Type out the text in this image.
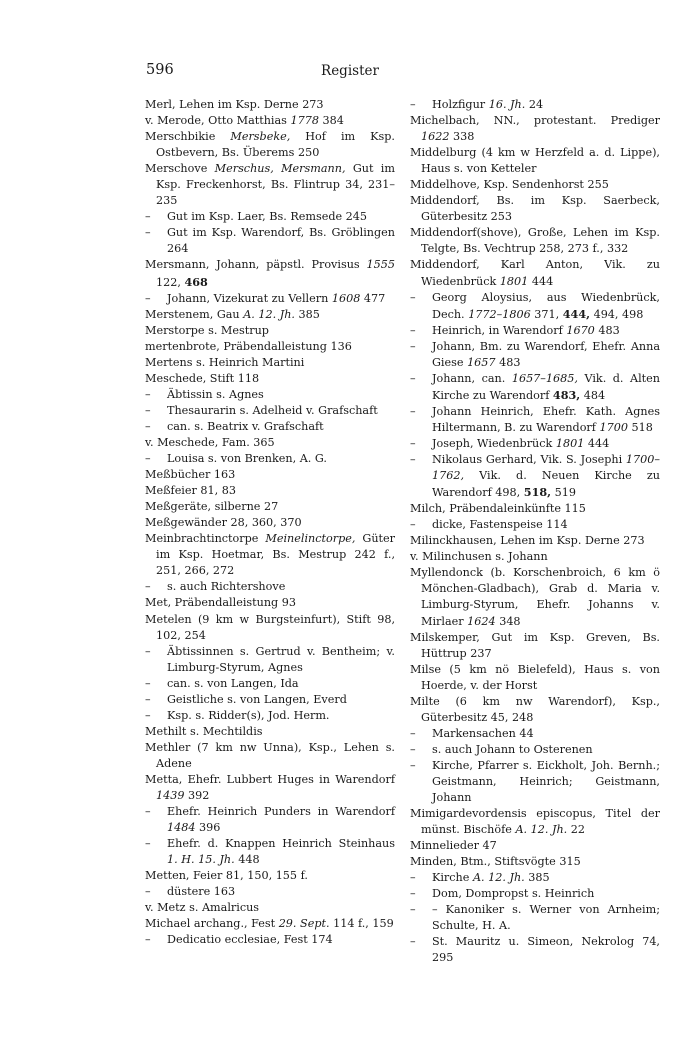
596	Register

Merl, Lehen im Ksp. Derne 273

v. Merode, Otto Matthias 1778 384

Merschbikie Mersbeke, Hof im Ksp. Ostbevern, Bs. Überems 250

Merschove Merschus, Mersmann, Gut im Ksp. Freckenhorst, Bs. Flintrup 34, 231–235

– Gut im Ksp. Laer, Bs. Remsede 245

– Gut im Ksp. Warendorf, Bs. Gröblingen 264

Mersmann, Johann, päpstl. Provisus 1555 122, 468

– Johann, Vizekurat zu Vellern 1608 477

Merstenem, Gau A. 12. Jh. 385

Merstorpe s. Mestrup

mertenbrote, Präbendalleistung 136

Mertens s. Heinrich Martini

Meschede, Stift 118

– Äbtissin s. Agnes

– Thesaurarin s. Adelheid v. Grafschaft

– can. s. Beatrix v. Grafschaft

v. Meschede, Fam. 365

– Louisa s. von Brenken, A. G.

Meßbücher 163

Meßfeier 81, 83

Meßgeräte, silberne 27

Meßgewänder 28, 360, 370

Meinbrachtinctorpe Meinelinctorpe, Güter im Ksp. Hoetmar, Bs. Mestrup 242 f., 251, 266, 272

– s. auch Richtershove

Met, Präbendalleistung 93

Metelen (9 km w Burgsteinfurt), Stift 98, 102, 254

– Äbtissinnen s. Gertrud v. Bentheim; v. Limburg-Styrum, Agnes

– can. s. von Langen, Ida

– Geistliche s. von Langen, Everd

– Ksp. s. Ridder(s), Jod. Herm.

Methilt s. Mechtildis

Methler (7 km nw Unna), Ksp., Lehen s. Adene

Metta, Ehefr. Lubbert Huges in Warendorf 1439 392

– Ehefr. Heinrich Punders in Warendorf 1484 396

– Ehefr. d. Knappen Heinrich Steinhaus 1. H. 15. Jh. 448

Metten, Feier 81, 150, 155 f.

– düstere 163

v. Metz s. Amalricus

Michael archang., Fest 29. Sept. 114 f., 159

– Dedicatio ecclesiae, Fest 174

– Holzfigur 16. Jh. 24

Michelbach, NN., protestant. Prediger 1622 338

Middelburg (4 km w Herzfeld a. d. Lippe), Haus s. von Ketteler

Middelhove, Ksp. Sendenhorst 255

Middendorf, Bs. im Ksp. Saerbeck, Güterbesitz 253

Middendorf(shove), Große, Lehen im Ksp. Telgte, Bs. Vechtrup 258, 273 f., 332

Middendorf, Karl Anton, Vik. zu Wiedenbrück 1801 444

– Georg Aloysius, aus Wiedenbrück, Dech. 1772–1806 371, 444, 494, 498

– Heinrich, in Warendorf 1670 483

– Johann, Bm. zu Warendorf, Ehefr. Anna Giese 1657 483

– Johann, can. 1657–1685, Vik. d. Alten Kirche zu Warendorf 483, 484

– Johann Heinrich, Ehefr. Kath. Agnes Hiltermann, B. zu Warendorf 1700 518

– Joseph, Wiedenbrück 1801 444

– Nikolaus Gerhard, Vik. S. Josephi 1700–1762, Vik. d. Neuen Kirche zu Warendorf 498, 518, 519

Milch, Präbendaleinkünfte 115

– dicke, Fastenspeise 114

Milinckhausen, Lehen im Ksp. Derne 273

v. Milinchusen s. Johann

Myllendonck (b. Korschenbroich, 6 km ö Mönchen-Gladbach), Grab d. Maria v. Limburg-Styrum, Ehefr. Johanns v. Mirlaer 1624 348

Milskemper, Gut im Ksp. Greven, Bs. Hüttrup 237

Milse (5 km nö Bielefeld), Haus s. von Hoerde, v. der Horst

Milte (6 km nw Warendorf), Ksp., Güterbesitz 45, 248

– Markensachen 44

– s. auch Johann to Osterenen

– Kirche, Pfarrer s. Eickholt, Joh. Bernh.; Geistmann, Heinrich; Geistmann, Johann

Mimigardevordensis episcopus, Titel der münst. Bischöfe A. 12. Jh. 22

Minnelieder 47

Minden, Btm., Stiftsvögte 315

– Kirche A. 12. Jh. 385

– Dom, Dompropst s. Heinrich

– – Kanoniker s. Werner von Arnheim; Schulte, H. A.

– St. Mauritz u. Simeon, Nekrolog 74, 295
